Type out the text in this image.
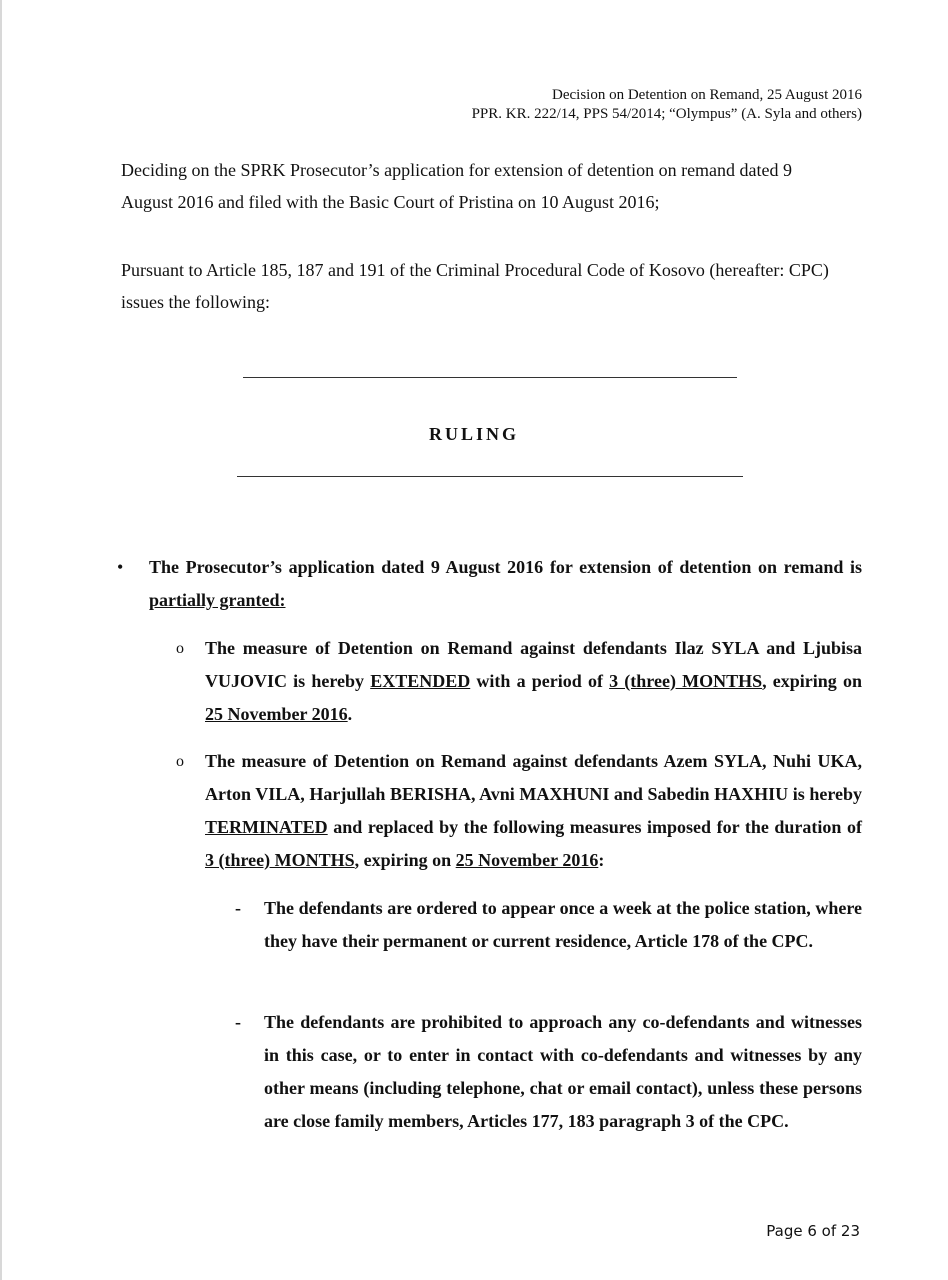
Decision on Detention on Remand, 25 August 2016
PPR. KR. 222/14, PPS 54/2014; “Olympus” (A. Syla and others)
Deciding on the SPRK Prosecutor’s application for extension of detention on remand dated 9 August 2016 and filed with the Basic Court of Pristina on 10 August 2016;
Pursuant to Article 185, 187 and 191 of the Criminal Procedural Code of Kosovo (hereafter: CPC) issues the following:
RULING
• The Prosecutor’s application dated 9 August 2016 for extension of detention on remand is partially granted:
o The measure of Detention on Remand against defendants Ilaz SYLA and Ljubisa VUJOVIC is hereby EXTENDED with a period of 3 (three) MONTHS, expiring on 25 November 2016.
o The measure of Detention on Remand against defendants Azem SYLA, Nuhi UKA, Arton VILA, Harjullah BERISHA, Avni MAXHUNI and Sabedin HAXHIU is hereby TERMINATED and replaced by the following measures imposed for the duration of 3 (three) MONTHS, expiring on 25 November 2016:
- The defendants are ordered to appear once a week at the police station, where they have their permanent or current residence, Article 178 of the CPC.
- The defendants are prohibited to approach any co-defendants and witnesses in this case, or to enter in contact with co-defendants and witnesses by any other means (including telephone, chat or email contact), unless these persons are close family members, Articles 177, 183 paragraph 3 of the CPC.
Page 6 of 23
